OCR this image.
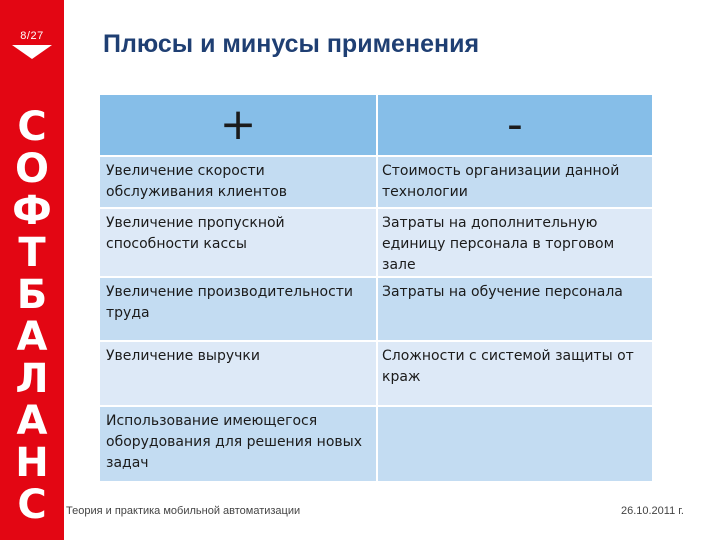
8/27
С
О
Ф
Т
Б
А
Л
А
Н
С
Плюсы и минусы применения
+	-
Увеличение скорости обслуживания клиентов	Стоимость организации данной технологии
Увеличение пропускной способности кассы	Затраты на дополнительную единицу персонала в торговом зале
Увеличение производительности труда	Затраты на обучение персонала
Увеличение выручки	Сложности с системой защиты от краж
Использование имеющегося оборудования для решения новых задач	
Теория и практика мобильной автоматизации	26.10.2011 г.
